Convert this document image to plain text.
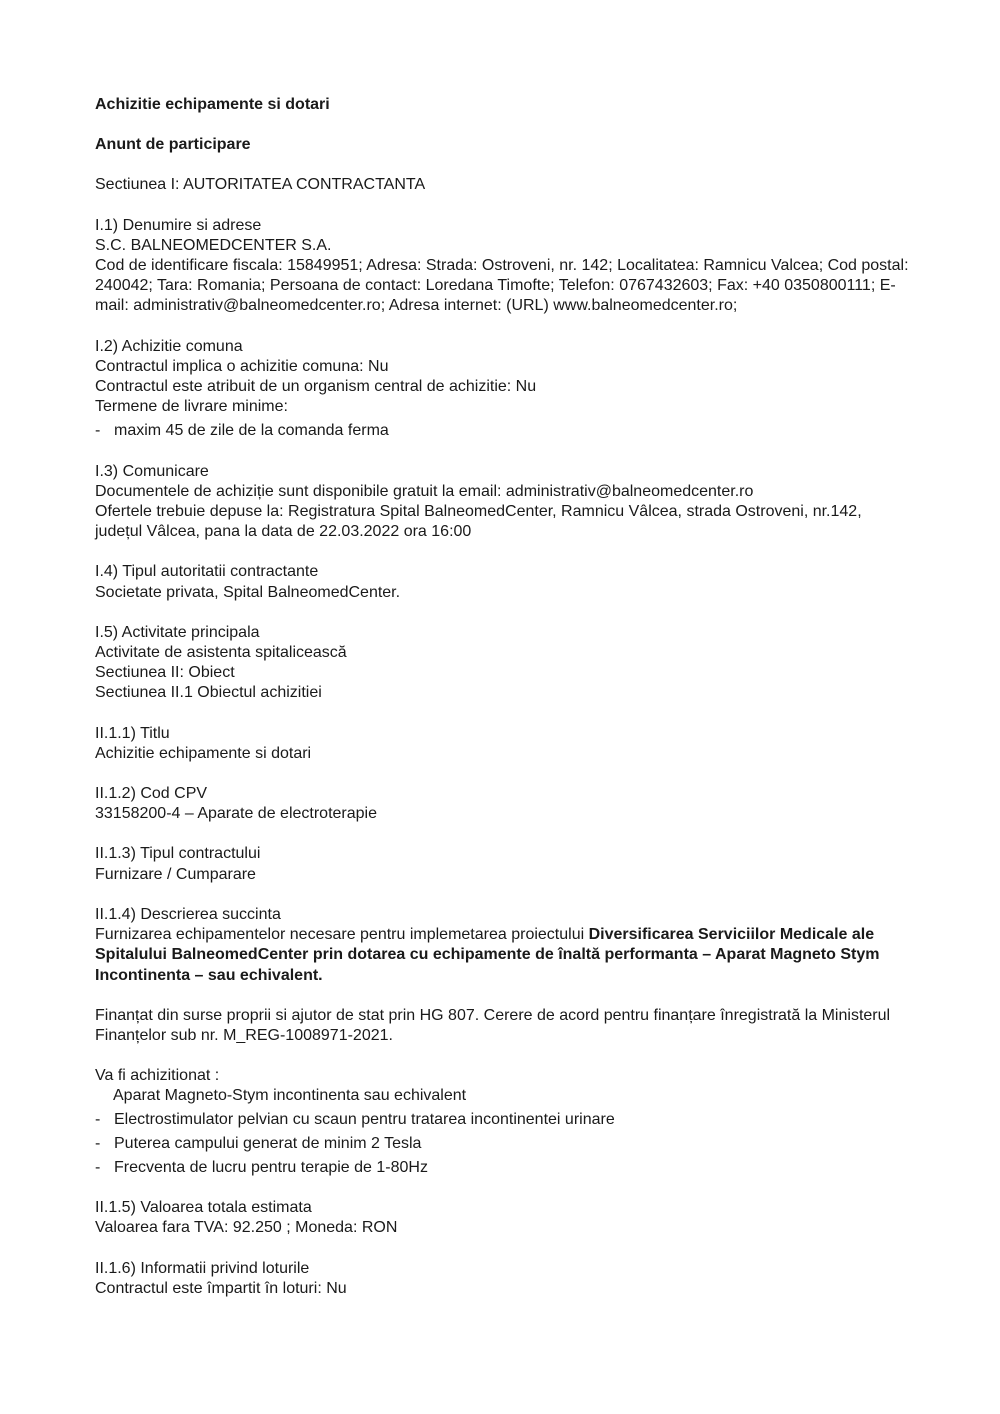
Achizitie echipamente si dotari

Anunt de participare

Sectiunea I: AUTORITATEA CONTRACTANTA
I.1) Denumire si adrese
S.C. BALNEOMEDCENTER S.A.
Cod de identificare fiscala: 15849951; Adresa: Strada: Ostroveni, nr. 142; Localitatea: Ramnicu Valcea; Cod postal: 240042; Tara: Romania; Persoana de contact: Loredana Timofte; Telefon: 0767432603; Fax: +40 0350800111; E-mail: administrativ@balneomedcenter.ro; Adresa internet: (URL) www.balneomedcenter.ro;
I.2) Achizitie comuna
Contractul implica o achizitie comuna: Nu
Contractul este atribuit de un organism central de achizitie: Nu
Termene de livrare minime:
- maxim 45 de zile de la comanda ferma
I.3) Comunicare
Documentele de achiziție sunt disponibile gratuit la email: administrativ@balneomedcenter.ro
Ofertele trebuie depuse la: Registratura Spital BalneomedCenter, Ramnicu Vâlcea, strada Ostroveni, nr.142, județul Vâlcea, pana la data de 22.03.2022 ora 16:00
I.4) Tipul autoritatii contractante
Societate privata, Spital BalneomedCenter.
I.5) Activitate principala
Activitate de asistenta spitalicească
Sectiunea II: Obiect
Sectiunea II.1 Obiectul achizitiei
II.1.1) Titlu
Achizitie echipamente si dotari
II.1.2) Cod CPV
33158200-4 – Aparate de electroterapie
II.1.3) Tipul contractului
Furnizare / Cumparare
II.1.4) Descrierea succinta
Furnizarea echipamentelor necesare pentru implemetarea proiectului Diversificarea Serviciilor Medicale ale Spitalului BalneomedCenter prin dotarea cu echipamente de înaltă performanta – Aparat Magneto Stym Incontinenta – sau echivalent.
Finanțat din surse proprii si ajutor de stat prin HG 807. Cerere de acord pentru finanțare înregistrată la Ministerul Finanțelor sub nr. M_REG-1008971-2021.
Va fi achizitionat :
Aparat Magneto-Stym incontinenta sau echivalent
- Electrostimulator pelvian cu scaun pentru tratarea incontinentei urinare
- Puterea campului generat de minim 2 Tesla
- Frecventa de lucru pentru terapie de 1-80Hz
II.1.5) Valoarea totala estimata
Valoarea fara TVA: 92.250 ; Moneda: RON
II.1.6) Informatii privind loturile
Contractul este împartit în loturi: Nu
